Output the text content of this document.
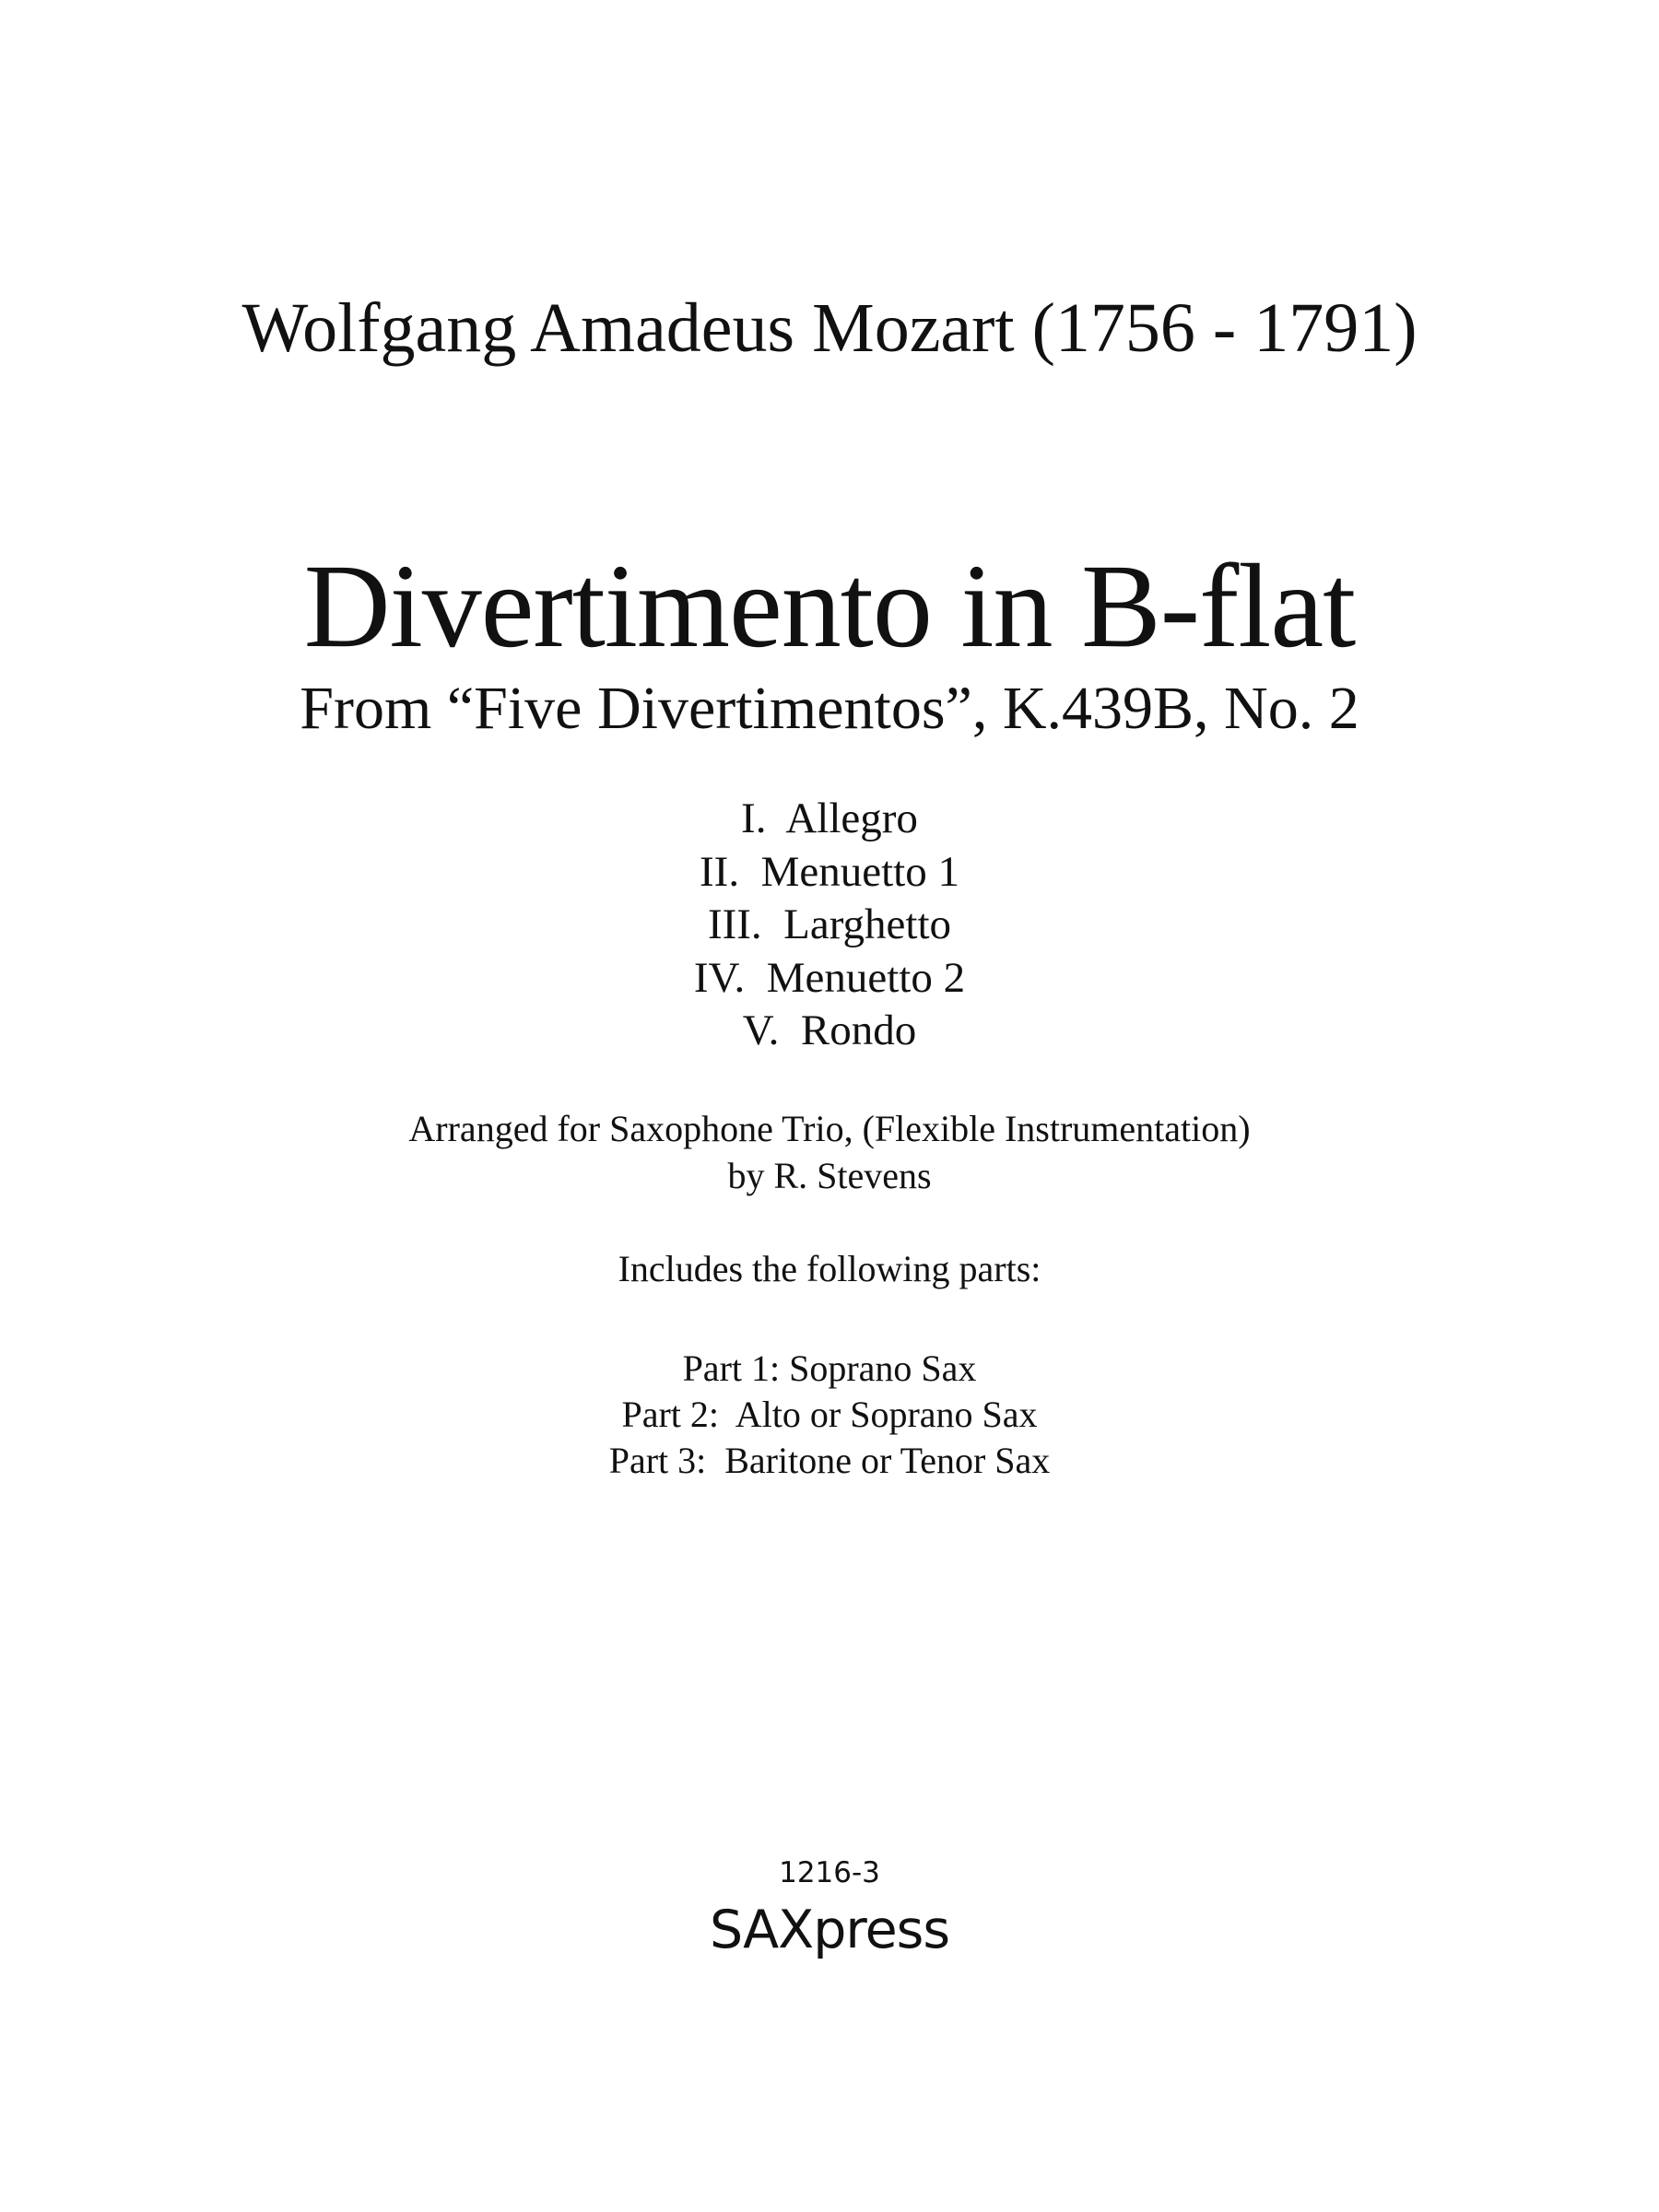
Wolfgang Amadeus Mozart (1756 - 1791)
Divertimento in B-flat
From “Five Divertimentos”, K.439B, No. 2
I.  Allegro
II.  Menuetto 1
III.  Larghetto
IV.  Menuetto 2
V.  Rondo
Arranged for Saxophone Trio, (Flexible Instrumentation)
by R. Stevens
Includes the following parts:
Part 1: Soprano Sax
Part 2:  Alto or Soprano Sax
Part 3:  Baritone or Tenor Sax
1216-3
SAXpress
